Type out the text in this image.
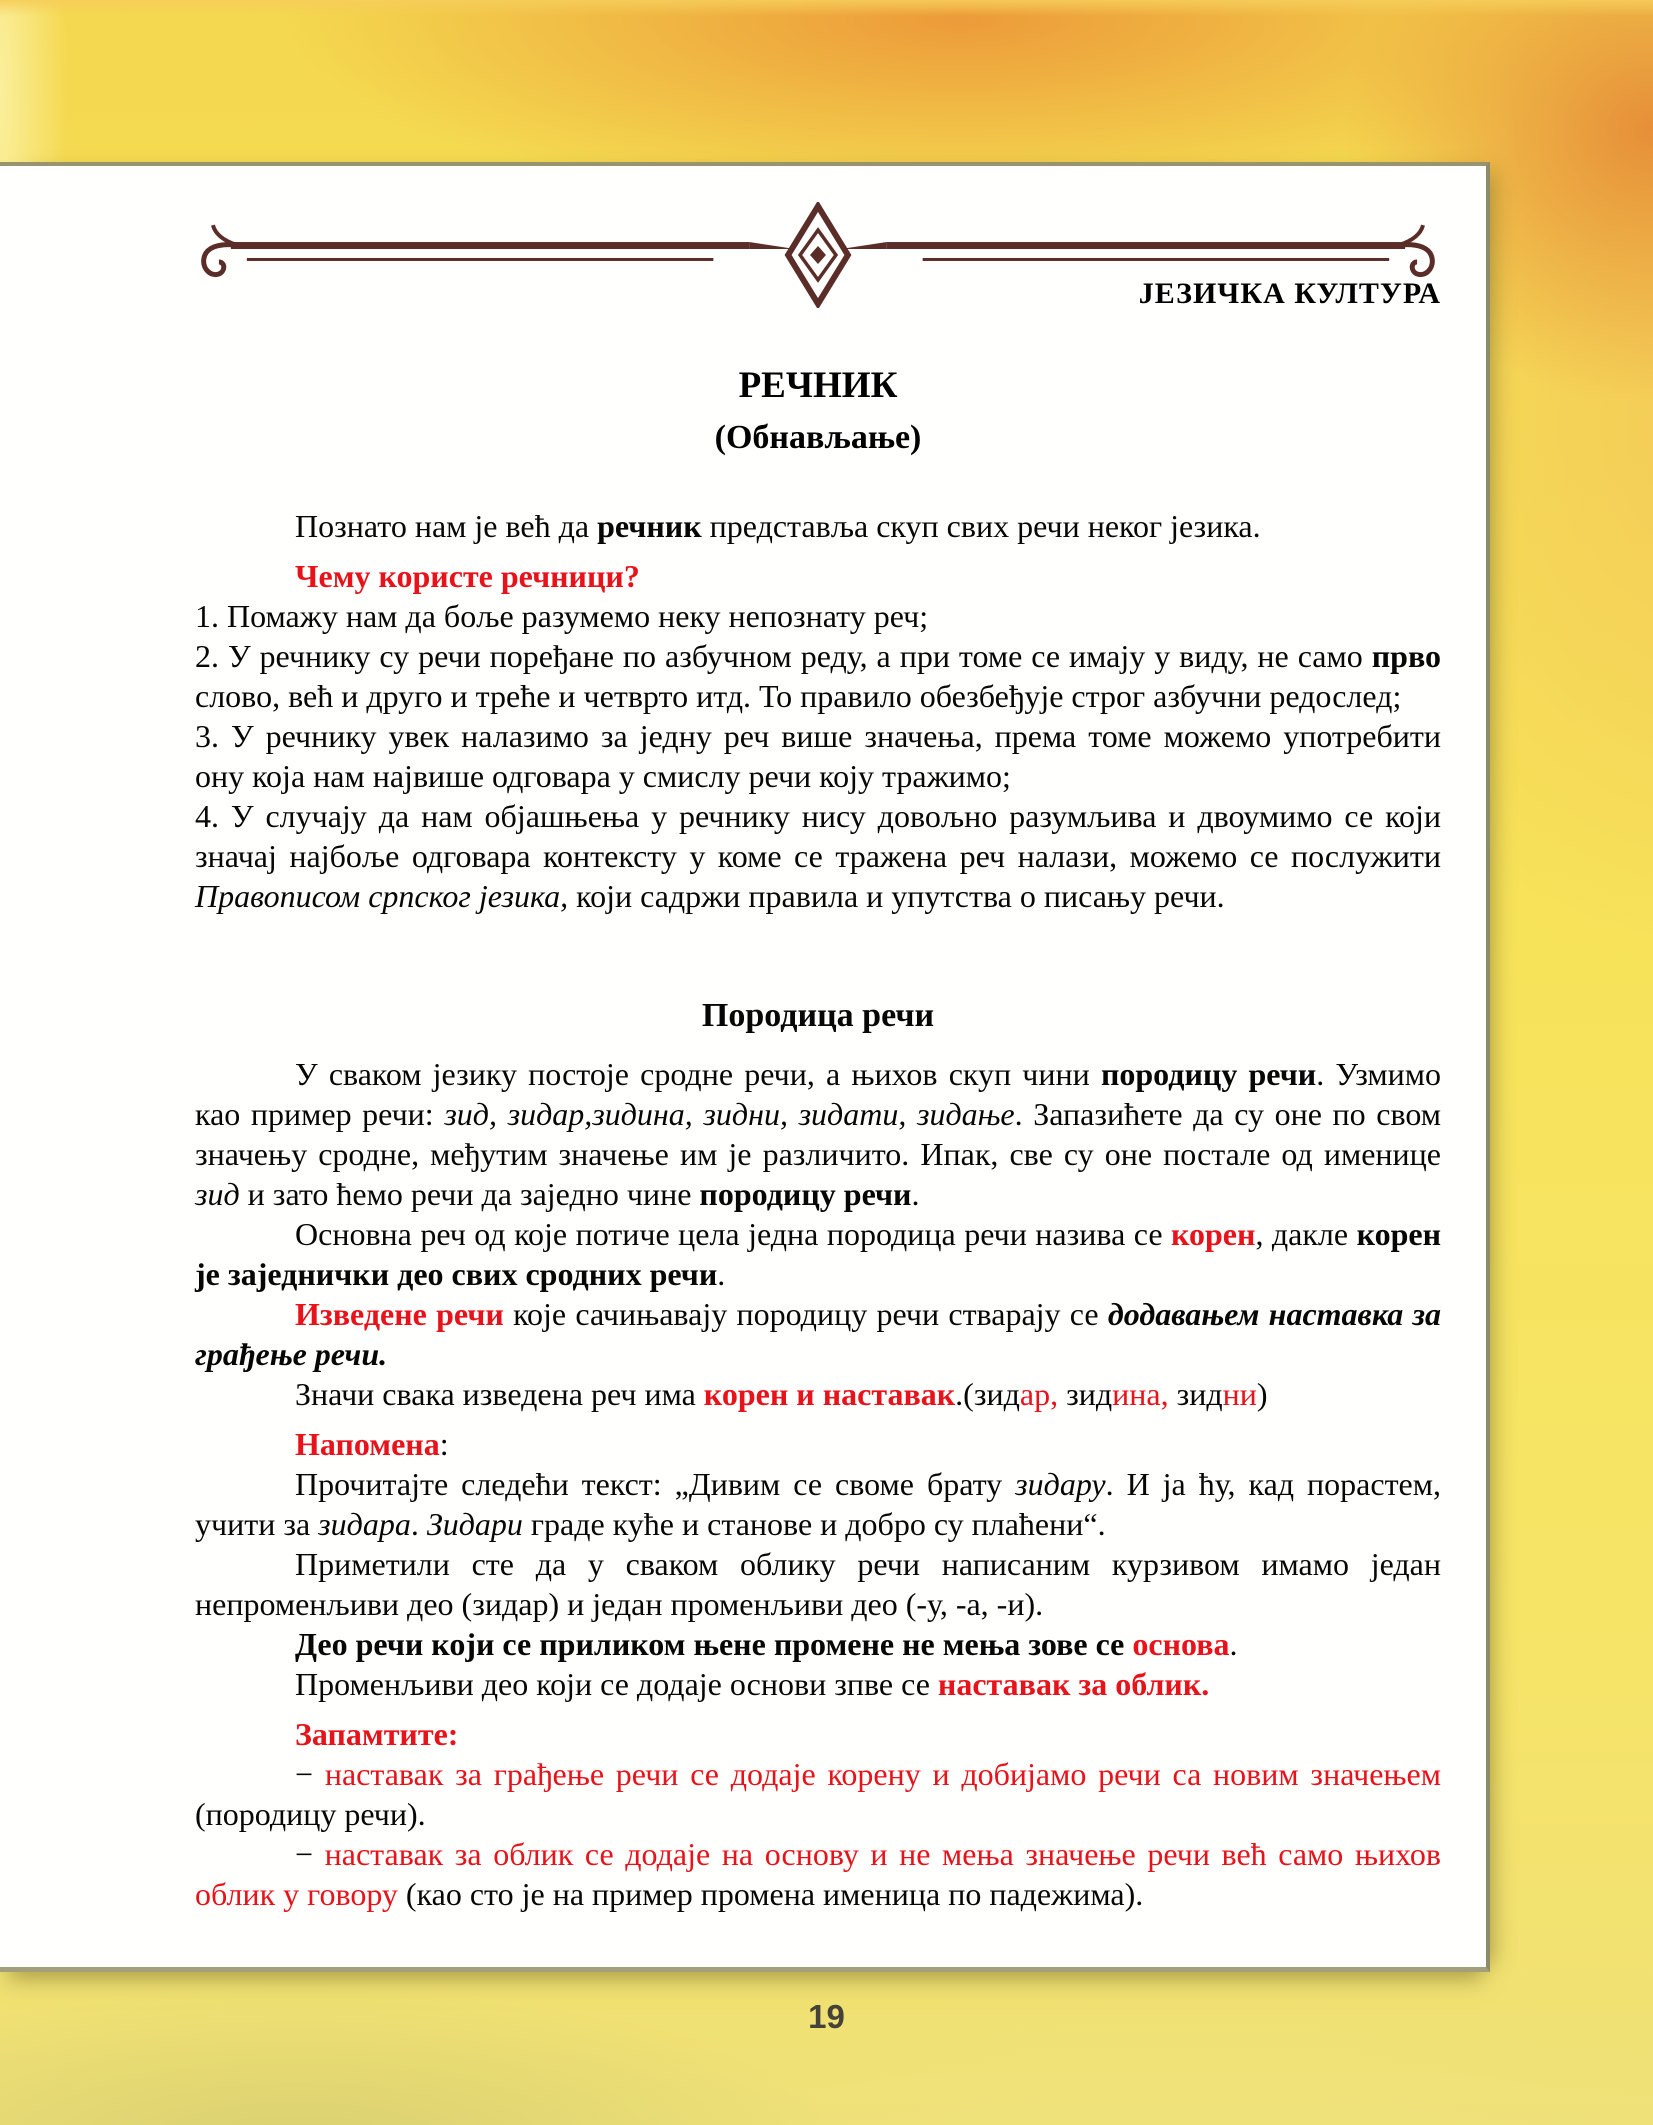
ЈЕЗИЧКА КУЛТУРА
РЕЧНИК
(Обнављање)

Познато нам је већ да речник представља скуп свих речи неког језика.

Чему користе речници?

1. Помажу нам да боље разумемо неку непознату реч;

2. У речнику су речи поређане по азбучном реду, а при томе се имају у виду, не само прво слово, већ и друго и треће и четврто итд. То правило обезбеђује строг азбучни редослед;

3. У речнику увек налазимо за једну реч више значења, према томе можемо употребити ону која нам највише одговара у смислу речи коју тражимо;

4. У случају да нам објашњења у речнику нису довољно разумљива и двоумимо се који значај најбоље одговара контексту у коме се тражена реч налази, можемо се послужити Правописом српског језика, који садржи правила и упутства о писању речи.

Породица речи

У сваком језику постоје сродне речи, а њихов скуп чини породицу речи. Узмимо као пример речи: зид, зидар,зидина, зидни, зидати, зидање. Запазићете да су оне по свом значењу сродне, међутим значење им је различито. Ипак, све су оне постале од именице зид и зато ћемо речи да заједно чине породицу речи.

Основна реч од које потиче цела једна породица речи назива се корен, дакле корен је заједнички део свих сродних речи.

Изведене речи које сачињавају породицу речи стварају се додавањем наставка за грађење речи.

Значи свака изведена реч има корен и наставак.(зидар, зидина, зидни)

Напомена:

Прочитајте следећи текст: „Дивим се своме брату зидару. И ја ћу, кад порастем, учити за зидара. Зидари граде куће и станове и добро су плаћени“.

Приметили сте да у сваком облику речи написаним курзивом имамо један непроменљиви део (зидар) и један променљиви део (-у, -а, -и).

Део речи који се приликом њене промене не мења зове се основа.

Променљиви део који се додаје основи зпве се наставак за облик.

Запамтите:

− наставак за грађење речи се додаје корену и добијамо речи са новим значењем (породицу речи).

− наставак за облик се додаје на основу и не мења значење речи већ само њихов облик у говору (као сто је на пример промена именица по падежима).

19
